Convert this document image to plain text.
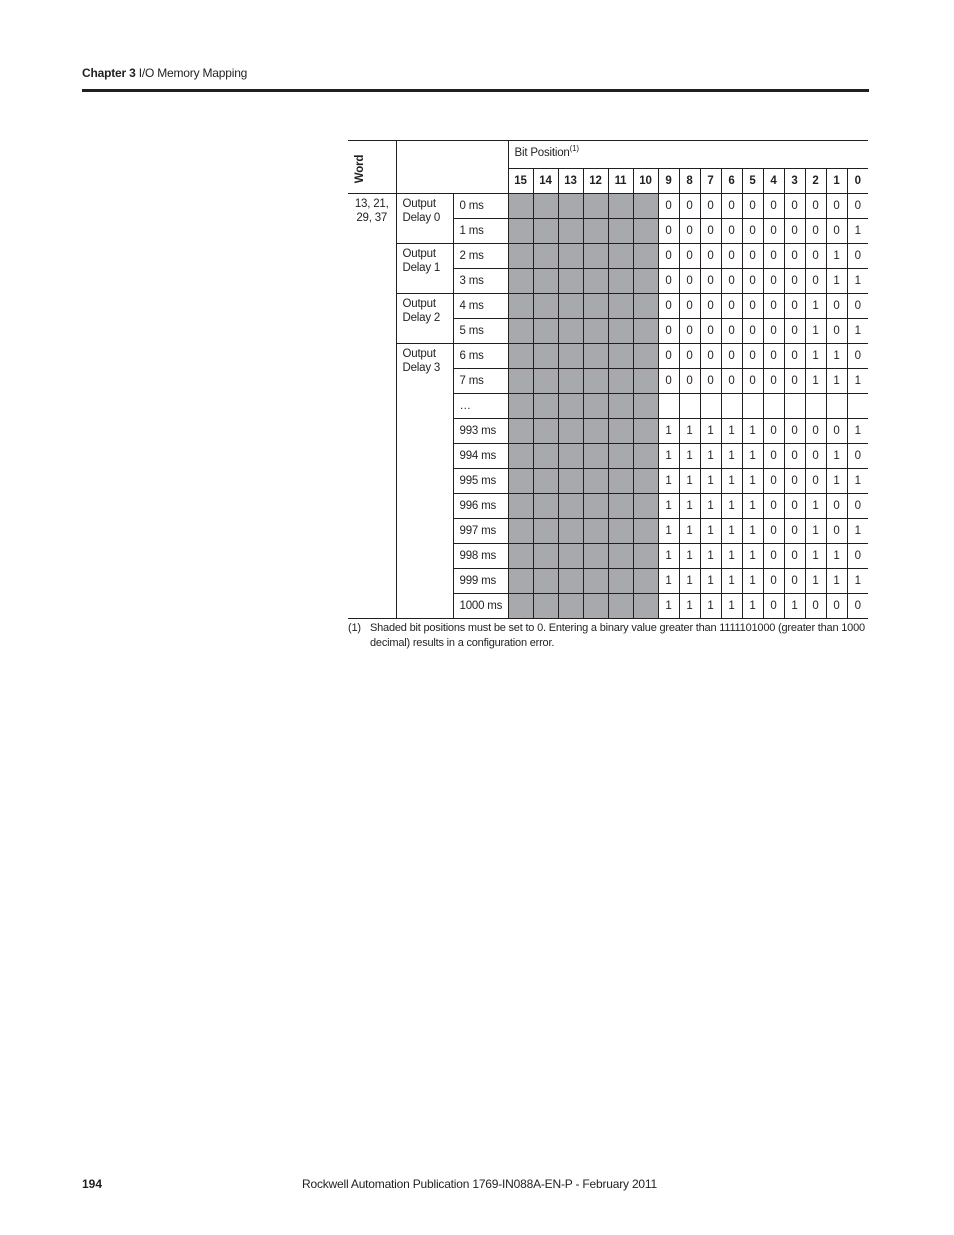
Chapter 3 I/O Memory Mapping
Word			Bit Position$^{(1)}$
			15	14	13	12	11	10	9	8	7	6	5	4	3	2	1	0
13, 21, 29, 37	Output Delay 0	0 ms							0	0	0	0	0	0	0	0	0	0
		1 ms							0	0	0	0	0	0	0	0	0	1
	Output Delay 1	2 ms							0	0	0	0	0	0	0	0	1	0
		3 ms							0	0	0	0	0	0	0	0	1	1
	Output Delay 2	4 ms							0	0	0	0	0	0	0	1	0	0
		5 ms							0	0	0	0	0	0	0	1	0	1
	Output Delay 3	6 ms							0	0	0	0	0	0	0	1	1	0
		7 ms							0	0	0	0	0	0	0	1	1	1
		…																
		993 ms							1	1	1	1	1	0	0	0	0	1
		994 ms							1	1	1	1	1	0	0	0	1	0
		995 ms							1	1	1	1	1	0	0	0	1	1
		996 ms							1	1	1	1	1	0	0	1	0	0
		997 ms							1	1	1	1	1	0	0	1	0	1
		998 ms							1	1	1	1	1	0	0	1	1	0
		999 ms							1	1	1	1	1	0	0	1	1	1
		1000 ms							1	1	1	1	1	0	1	0	0	0
(1) Shaded bit positions must be set to 0. Entering a binary value greater than 1111101000 (greater than 1000 decimal) results in a configuration error.
194	Rockwell Automation Publication 1769-IN088A-EN-P - February 2011
